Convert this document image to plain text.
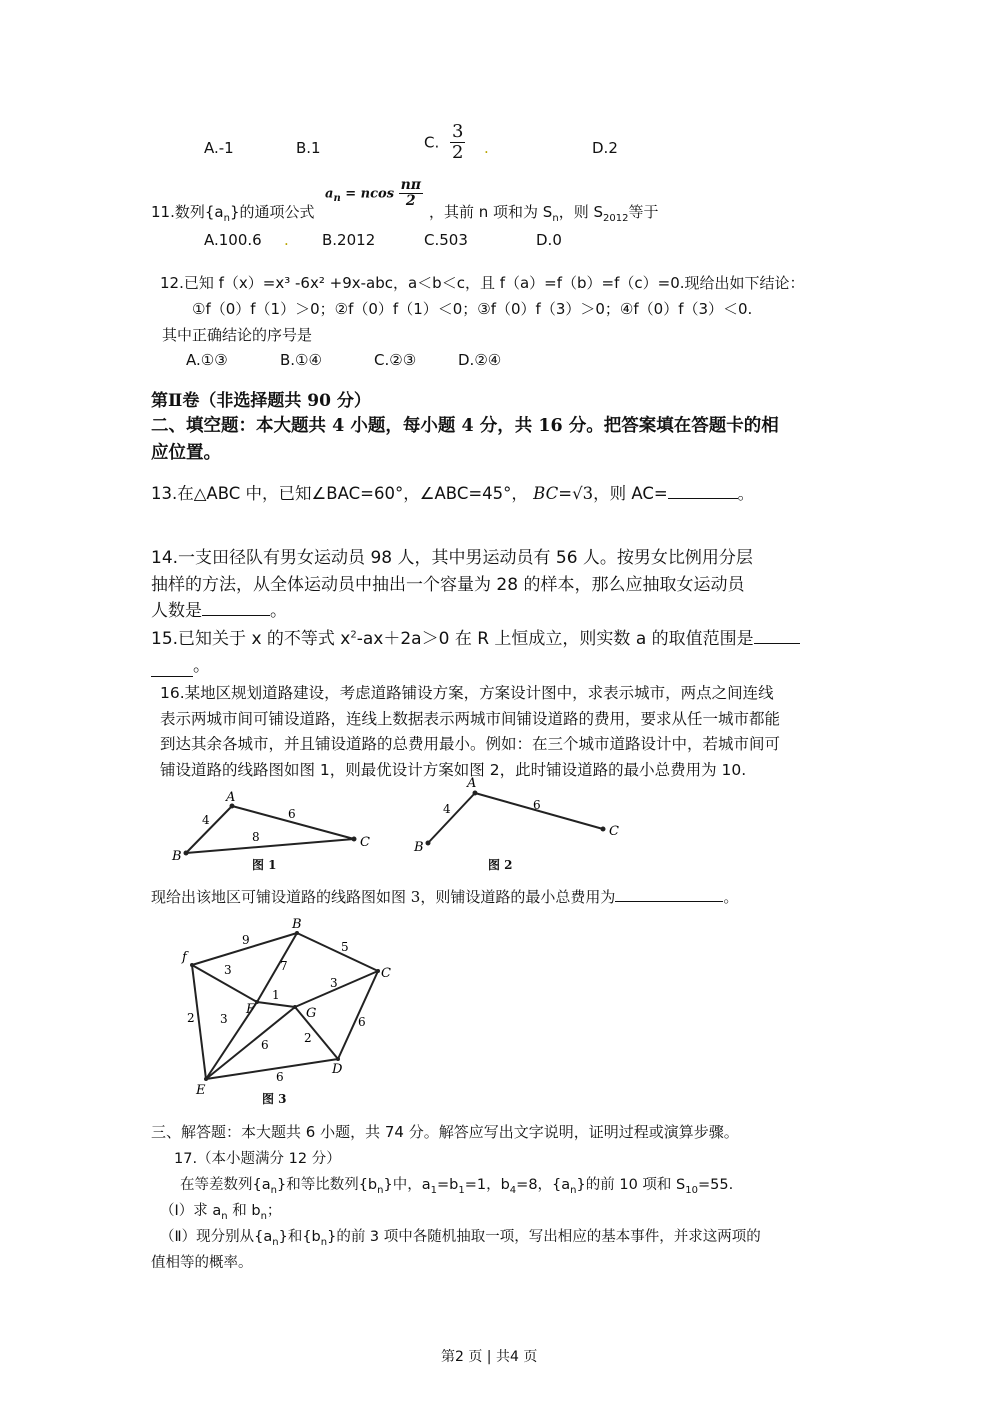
A.-1	B.1	C. $\frac{3}{2}$ .	D.2
11.数列$\{a_n\}$的通项公式
$a_n = ncos \frac{n\pi}{2}$
，其前 n 项和为 $S_n$，则 $S_{2012}$等于
A.100.6 . B.2012	C.503	D.0
12.已知 f（x）=x³ -6x² +9x-abc，a＜b＜c，且 f（a）=f（b）=f（c）=0.现给出如下结论：
①f（0）f（1）＞0；②f（0）f（1）＜0；③f（0）f（3）＞0；④f（0）f（3）＜0.
其中正确结论的序号是
A.①③	B.①④	C.②③	D.②④
第Ⅱ卷（非选择题共 90 分）
二、填空题：本大题共 4 小题，每小题 4 分，共 16 分。把答案填在答题卡的相
应位置。
13.在△ABC 中，已知∠BAC=60°，∠ABC=45°， BC=√3，则 AC=	。
14.一支田径队有男女运动员 98 人，其中男运动员有 56 人。按男女比例用分层
抽样的方法，从全体运动员中抽出一个容量为 28 的样本，那么应抽取女运动员
人数是	。
15.已知关于 x 的不等式 $x^2-ax+2a>0$ 在 R 上恒成立，则实数 a 的取值范围是
。
16.某地区规划道路建设，考虑道路铺设方案，方案设计图中，求表示城市，两点之间连线
表示两城市间可铺设道路，连线上数据表示两城市间铺设道路的费用，要求从任一城市都能
到达其余各城市，并且铺设道路的总费用最小。例如：在三个城市道路设计中，若城市间可
铺设道路的线路图如图 1，则最优设计方案如图 2，此时铺设道路的最小总费用为 10.
A
B
C
4	6
8
图 1
A
B
C
4	6
图 2
现给出该地区可铺设道路的线路图如图 3，则铺设道路的最小总费用为	。
f
B
C
F	G
D
E
9
3	7
5
3
1
2 3
6	2
6
6
图 3
三、解答题：本大题共 6 小题，共 74 分。解答应写出文字说明，证明过程或演算步骤。
17.（本小题满分 12 分）
在等差数列$\{a_n\}$和等比数列$\{b_n\}$中，$a_1=b_1=1$，$b_4=8$，$\{a_n\}$的前 10 项和 $S_{10}=55$.
（Ⅰ）求 $a_n$ 和 $b_n$；
（Ⅱ）现分别从$\{a_n\}$和$\{b_n\}$的前 3 项中各随机抽取一项，写出相应的基本事件，并求这两项的
值相等的概率。
第2 页 | 共4 页
